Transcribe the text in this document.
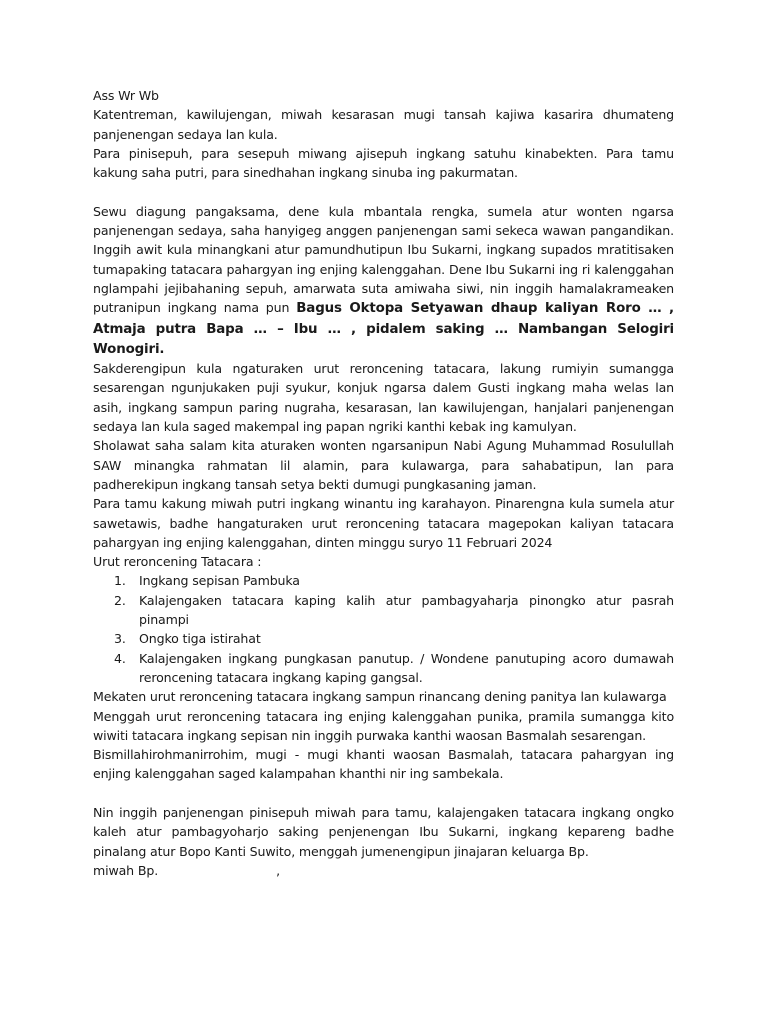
Ass Wr Wb

Katentreman, kawilujengan, miwah kesarasan mugi tansah kajiwa kasarira dhumateng panjenengan sedaya lan kula.

Para pinisepuh, para sesepuh miwang ajisepuh ingkang satuhu kinabekten. Para tamu kakung saha putri, para sinedhahan ingkang sinuba ing pakurmatan.

Sewu diagung pangaksama, dene kula mbantala rengka, sumela atur wonten ngarsa panjenengan sedaya, saha hanyigeg anggen panjenengan sami sekeca wawan pangandikan. Inggih awit kula minangkani atur pamundhutipun Ibu Sukarni, ingkang supados mratitisaken tumapaking tatacara pahargyan ing enjing kalenggahan. Dene Ibu Sukarni ing ri kalenggahan nglampahi jejibahaning sepuh, amarwata suta amiwaha siwi, nin inggih hamalakrameaken putranipun ingkang nama pun Bagus Oktopa Setyawan dhaup kaliyan Roro … , Atmaja putra Bapa … – Ibu … , pidalem saking … Nambangan Selogiri Wonogiri.

Sakderengipun kula ngaturaken urut reroncening tatacara, lakung rumiyin sumangga sesarengan ngunjukaken puji syukur, konjuk ngarsa dalem Gusti ingkang maha welas lan asih, ingkang sampun paring nugraha, kesarasan, lan kawilujengan, hanjalari panjenengan sedaya lan kula saged makempal ing papan ngriki kanthi kebak ing kamulyan.

Sholawat saha salam kita aturaken wonten ngarsanipun Nabi Agung Muhammad Rosulullah SAW minangka rahmatan lil alamin, para kulawarga, para sahabatipun, lan para padherekipun ingkang tansah setya bekti dumugi pungkasaning jaman.

Para tamu kakung miwah putri ingkang winantu ing karahayon. Pinarengna kula sumela atur sawetawis, badhe hangaturaken urut reroncening tatacara magepokan kaliyan tatacara pahargyan ing enjing kalenggahan, dinten minggu suryo 11 Februari 2024

Urut reroncening Tatacara :

1. Ingkang sepisan Pambuka
2. Kalajengaken tatacara kaping kalih atur pambagyaharja pinongko atur pasrah pinampi
3. Ongko tiga istirahat
4. Kalajengaken ingkang pungkasan panutup. / Wondene panutuping acoro dumawah reroncening tatacara ingkang kaping gangsal.

Mekaten urut reroncening tatacara ingkang sampun rinancang dening panitya lan kulawarga

Menggah urut reroncening tatacara ing enjing kalenggahan punika, pramila sumangga kito wiwiti tatacara ingkang sepisan nin inggih purwaka kanthi waosan Basmalah sesarengan.

Bismillahirohmanirrohim, mugi - mugi khanti waosan Basmalah, tatacara pahargyan ing enjing kalenggahan saged kalampahan khanthi nir ing sambekala.

Nin inggih panjenengan pinisepuh miwah para tamu, kalajengaken tatacara ingkang ongko kaleh atur pambagyoharjo saking penjenengan Ibu Sukarni, ingkang kepareng badhe pinalang atur Bopo Kanti Suwito, menggah jumenengipun jinajaran keluarga Bp.

miwah Bp.	,
